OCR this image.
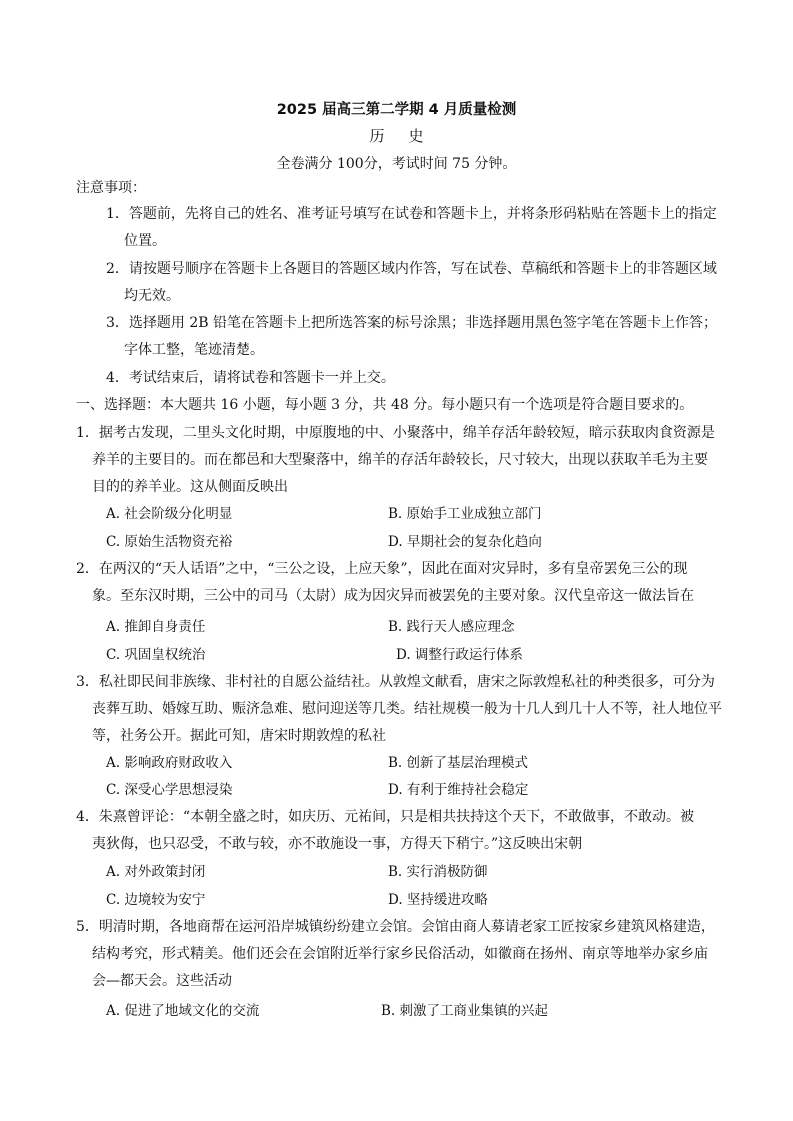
2025 届高三第二学期 4 月质量检测
历史
全卷满分 100分，考试时间 75 分钟。
注意事项：
1．答题前，先将自己的姓名、准考证号填写在试卷和答题卡上，并将条形码粘贴在答题卡上的指定
位置。
2．请按题号顺序在答题卡上各题目的答题区域内作答，写在试卷、草稿纸和答题卡上的非答题区域
均无效。
3．选择题用 2B 铅笔在答题卡上把所选答案的标号涂黑；非选择题用黑色签字笔在答题卡上作答；
字体工整，笔迹清楚。
4．考试结束后，请将试卷和答题卡一并上交。
一、选择题：本大题共 16 小题，每小题 3 分，共 48 分。每小题只有一个选项是符合题目要求的。
1．据考古发现，二里头文化时期，中原腹地的中、小聚落中，绵羊存活年龄较短，暗示获取肉食资源是
养羊的主要目的。而在都邑和大型聚落中，绵羊的存活年龄较长，尺寸较大，出现以获取羊毛为主要
目的的养羊业。这从侧面反映出
A. 社会阶级分化明显	B. 原始手工业成独立部门
C. 原始生活物资充裕	D. 早期社会的复杂化趋向
2．在两汉的“天人话语”之中，“三公之设，上应天象”，因此在面对灾异时，多有皇帝罢免三公的现
象。至东汉时期，三公中的司马（太尉）成为因灾异而被罢免的主要对象。汉代皇帝这一做法旨在
A. 推卸自身责任	B. 践行天人感应理念
C. 巩固皇权统治	D. 调整行政运行体系
3．私社即民间非族缘、非村社的自愿公益结社。从敦煌文献看，唐宋之际敦煌私社的种类很多，可分为
丧葬互助、婚嫁互助、赈济急难、慰问迎送等几类。结社规模一般为十几人到几十人不等，社人地位平
等，社务公开。据此可知，唐宋时期敦煌的私社
A. 影响政府财政收入	B. 创新了基层治理模式
C. 深受心学思想浸染	D. 有利于维持社会稳定
4．朱熹曾评论：“本朝全盛之时，如庆历、元祐间，只是相共扶持这个天下，不敢做事，不敢动。被
夷狄侮，也只忍受，不敢与较，亦不敢施设一事，方得天下稍宁。”这反映出宋朝
A. 对外政策封闭	B. 实行消极防御
C. 边境较为安宁	D. 坚持缓进攻略
5．明清时期，各地商帮在运河沿岸城镇纷纷建立会馆。会馆由商人募请老家工匠按家乡建筑风格建造，
结构考究，形式精美。他们还会在会馆附近举行家乡民俗活动，如徽商在扬州、南京等地举办家乡庙
会—都天会。这些活动
A. 促进了地域文化的交流	B. 刺激了工商业集镇的兴起
